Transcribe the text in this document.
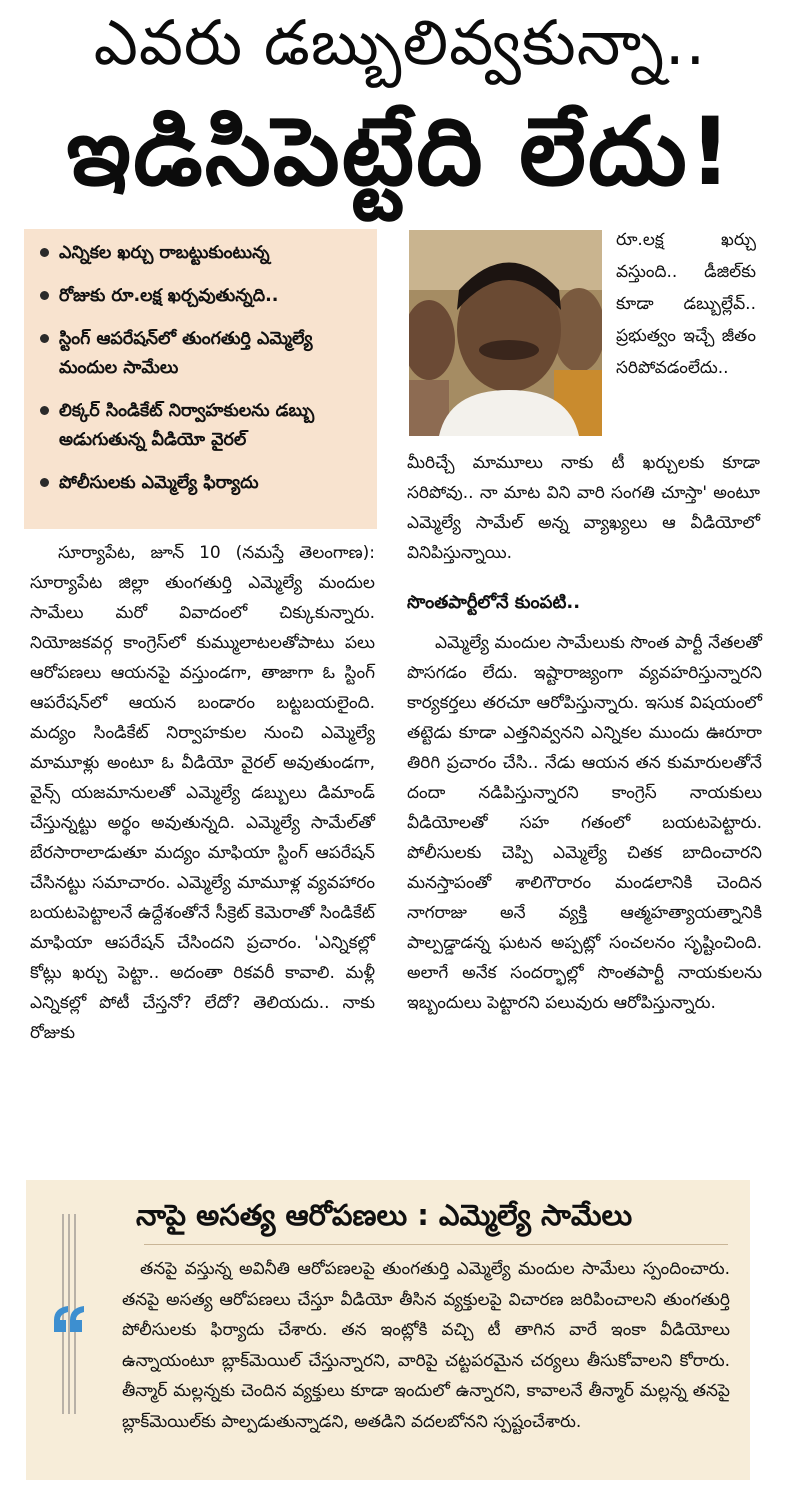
ఎవరు డబ్బులివ్వకున్నా..
ఇడిసిపెట్టేది లేదు!
ఎన్నికల ఖర్చు రాబట్టుకుంటున్న
రోజుకు రూ.లక్ష ఖర్చవుతున్నది..
స్టింగ్ ఆపరేషన్‌లో తుంగతుర్తి ఎమ్మెల్యే మందుల సామేలు
లిక్కర్ సిండికేట్ నిర్వాహకులను డబ్బు అడుగుతున్న వీడియో వైరల్
పోలీసులకు ఎమ్మెల్యే ఫిర్యాదు

సూర్యాపేట, జూన్ 10 (నమస్తే తెలంగాణ): సూర్యాపేట జిల్లా తుంగతుర్తి ఎమ్మెల్యే మందుల సామేలు మరో వివాదంలో చిక్కుకున్నారు. నియోజకవర్గ కాంగ్రెస్‌లో కుమ్ములాటలతోపాటు పలు ఆరోపణలు ఆయనపై వస్తుండగా, తాజాగా ఓ స్టింగ్ ఆపరేషన్‌లో ఆయన బండారం బట్టబయలైంది. మద్యం సిండికేట్ నిర్వాహకుల నుంచి ఎమ్మెల్యే మామూళ్లు అంటూ ఓ వీడియో వైరల్ అవుతుండగా, వైన్స్ యజమానులతో ఎమ్మెల్యే డబ్బులు డిమాండ్ చేస్తున్నట్టు అర్థం అవుతున్నది. ఎమ్మెల్యే సామేల్‌తో బేరసారాలాడుతూ మద్యం మాఫియా స్టింగ్ ఆపరేషన్ చేసినట్టు సమాచారం. ఎమ్మెల్యే మామూళ్ల వ్యవహారం బయటపెట్టాలనే ఉద్దేశంతోనే సీక్రెట్ కెమెరాతో సిండికేట్ మాఫియా ఆపరేషన్ చేసిందని ప్రచారం. 'ఎన్నికల్లో కోట్లు ఖర్చు పెట్టా.. అదంతా రికవరీ కావాలి. మళ్లీ ఎన్నికల్లో పోటీ చేస్తనో? లేదో? తెలియదు.. నాకు రోజుకు

రూ.లక్ష ఖర్చు వస్తుంది.. డీజిల్‌కు కూడా డబ్బుల్లేవ్.. ప్రభుత్వం ఇచ్చే జీతం సరిపోవడంలేదు..

మీరిచ్చే మామూలు నాకు టీ ఖర్చులకు కూడా సరిపోవు.. నా మాట విని వారి సంగతి చూస్తా' అంటూ ఎమ్మెల్యే సామేల్ అన్న వ్యాఖ్యలు ఆ వీడియోలో వినిపిస్తున్నాయి.

సొంతపార్టీలోనే కుంపటి..

ఎమ్మెల్యే మందుల సామేలుకు సొంత పార్టీ నేతలతో పొసగడం లేదు. ఇష్టారాజ్యంగా వ్యవహరిస్తున్నారని కార్యకర్తలు తరచూ ఆరోపిస్తున్నారు. ఇసుక విషయంలో తట్టెడు కూడా ఎత్తనివ్వనని ఎన్నికల ముందు ఊరూరా తిరిగి ప్రచారం చేసి.. నేడు ఆయన తన కుమారులతోనే దందా నడిపిస్తున్నారని కాంగ్రెస్ నాయకులు వీడియోలతో సహ గతంలో బయటపెట్టారు. పోలీసులకు చెప్పి ఎమ్మెల్యే చితక బాదించారని మనస్తాపంతో శాలిగౌరారం మండలానికి చెందిన నాగరాజు అనే వ్యక్తి ఆత్మహత్యాయత్నానికి పాల్పడ్డాడన్న ఘటన అప్పట్లో సంచలనం సృష్టించింది. అలాగే అనేక సందర్భాల్లో సొంతపార్టీ నాయకులను ఇబ్బందులు పెట్టారని పలువురు ఆరోపిస్తున్నారు.

నాపై అసత్య ఆరోపణలు : ఎమ్మెల్యే సామేలు

తనపై వస్తున్న అవినీతి ఆరోపణలపై తుంగతుర్తి ఎమ్మెల్యే మందుల సామేలు స్పందించారు. తనపై అసత్య ఆరోపణలు చేస్తూ వీడియో తీసిన వ్యక్తులపై విచారణ జరిపించాలని తుంగతుర్తి పోలీసులకు ఫిర్యాదు చేశారు. తన ఇంట్లోకి వచ్చి టీ తాగిన వారే ఇంకా వీడియోలు ఉన్నాయంటూ బ్లాక్‌మెయిల్ చేస్తున్నారని, వారిపై చట్టపరమైన చర్యలు తీసుకోవాలని కోరారు. తీన్మార్ మల్లన్నకు చెందిన వ్యక్తులు కూడా ఇందులో ఉన్నారని, కావాలనే తీన్మార్ మల్లన్న తనపై బ్లాక్‌మెయిల్‌కు పాల్పడుతున్నాడని, అతడిని వదలబోనని స్పష్టంచేశారు.
